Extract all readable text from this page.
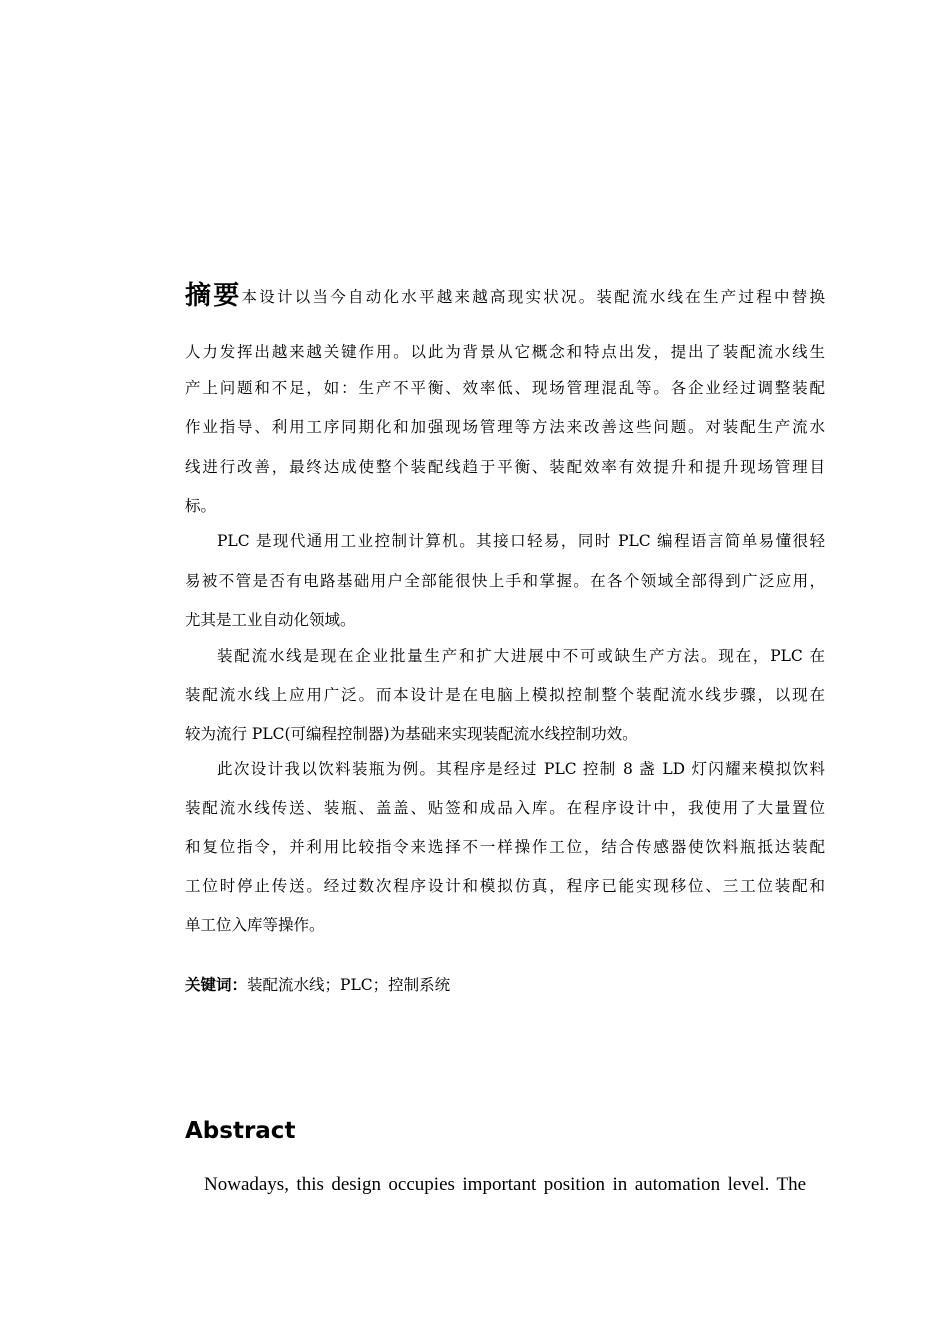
摘要本设计以当今自动化水平越来越高现实状况。装配流水线在生产过程中替换
人力发挥出越来越关键作用。以此为背景从它概念和特点出发，提出了装配流水线生
产上问题和不足，如：生产不平衡、效率低、现场管理混乱等。各企业经过调整装配
作业指导、利用工序同期化和加强现场管理等方法来改善这些问题。对装配生产流水
线进行改善，最终达成使整个装配线趋于平衡、装配效率有效提升和提升现场管理目
标。
PLC 是现代通用工业控制计算机。其接口轻易，同时 PLC 编程语言简单易懂很轻
易被不管是否有电路基础用户全部能很快上手和掌握。在各个领域全部得到广泛应用，
尤其是工业自动化领域。
装配流水线是现在企业批量生产和扩大进展中不可或缺生产方法。现在，PLC 在
装配流水线上应用广泛。而本设计是在电脑上模拟控制整个装配流水线步骤，以现在
较为流行 PLC(可编程控制器)为基础来实现装配流水线控制功效。
此次设计我以饮料装瓶为例。其程序是经过 PLC 控制 8 盏 LD 灯闪耀来模拟饮料
装配流水线传送、装瓶、盖盖、贴签和成品入库。在程序设计中，我使用了大量置位
和复位指令，并利用比较指令来选择不一样操作工位，结合传感器使饮料瓶抵达装配
工位时停止传送。经过数次程序设计和模拟仿真，程序已能实现移位、三工位装配和
单工位入库等操作。
关键词：装配流水线；PLC；控制系统
Abstract
Nowadays, this design occupies important position in automation level. The
